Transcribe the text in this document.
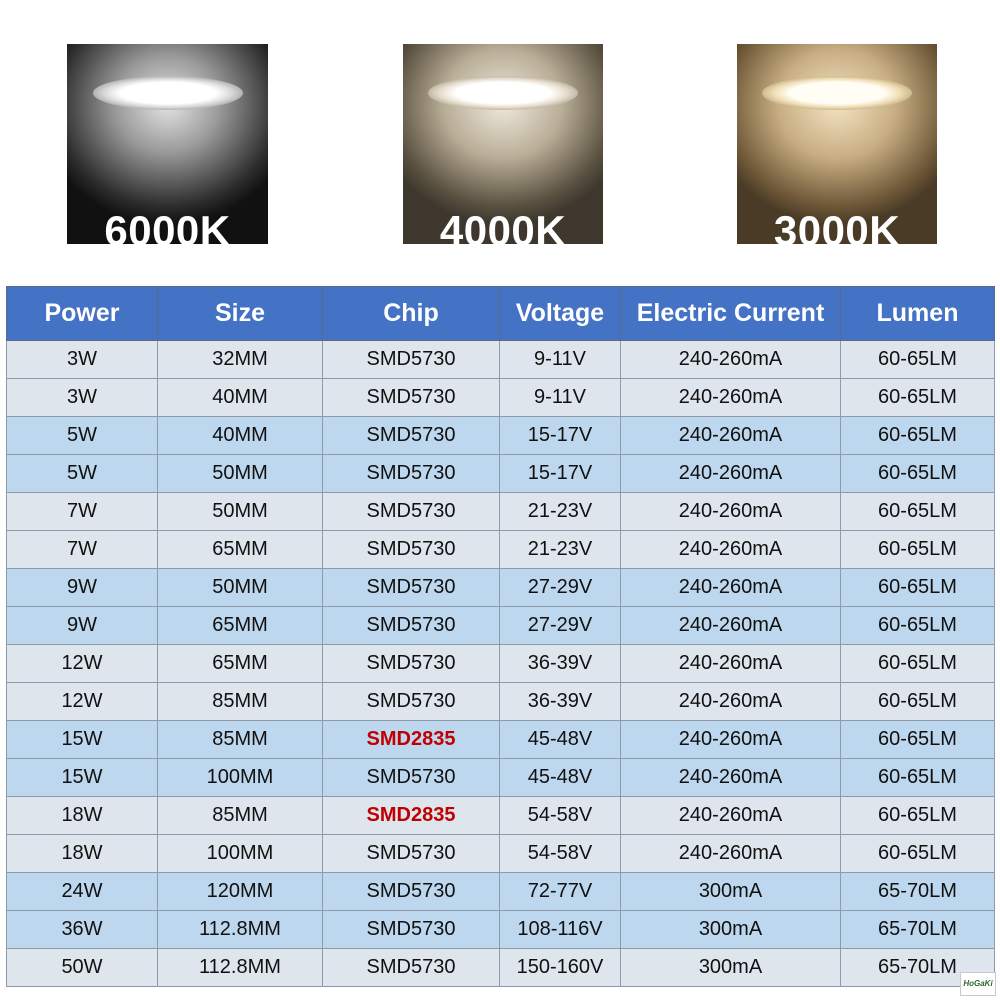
6000K	4000K	3000K
Power	Size	Chip	Voltage	Electric Current	Lumen
3W	32MM	SMD5730	9-11V	240-260mA	60-65LM
3W	40MM	SMD5730	9-11V	240-260mA	60-65LM
5W	40MM	SMD5730	15-17V	240-260mA	60-65LM
5W	50MM	SMD5730	15-17V	240-260mA	60-65LM
7W	50MM	SMD5730	21-23V	240-260mA	60-65LM
7W	65MM	SMD5730	21-23V	240-260mA	60-65LM
9W	50MM	SMD5730	27-29V	240-260mA	60-65LM
9W	65MM	SMD5730	27-29V	240-260mA	60-65LM
12W	65MM	SMD5730	36-39V	240-260mA	60-65LM
12W	85MM	SMD5730	36-39V	240-260mA	60-65LM
15W	85MM	SMD2835	45-48V	240-260mA	60-65LM
15W	100MM	SMD5730	45-48V	240-260mA	60-65LM
18W	85MM	SMD2835	54-58V	240-260mA	60-65LM
18W	100MM	SMD5730	54-58V	240-260mA	60-65LM
24W	120MM	SMD5730	72-77V	300mA	65-70LM
36W	112.8MM	SMD5730	108-116V	300mA	65-70LM
50W	112.8MM	SMD5730	150-160V	300mA	65-70LM
HoGaKi
